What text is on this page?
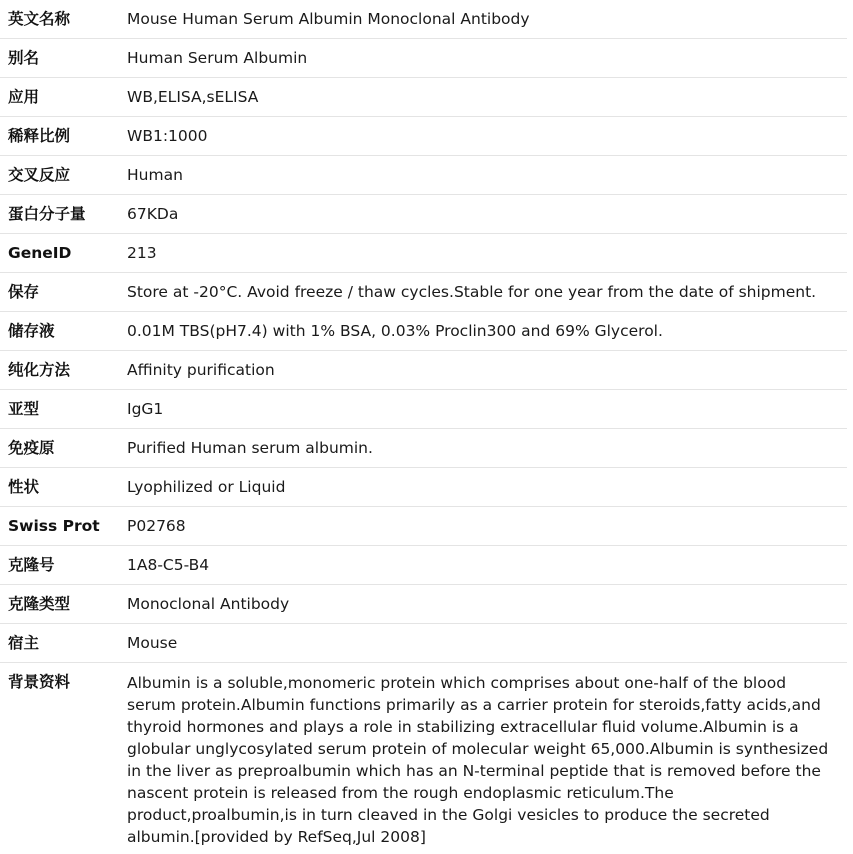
英文名称	Mouse Human Serum Albumin Monoclonal Antibody
别名	Human Serum Albumin
应用	WB,ELISA,sELISA
稀释比例	WB1:1000
交叉反应	Human
蛋白分子量	67KDa
GeneID	213
保存	Store at -20°C. Avoid freeze / thaw cycles.Stable for one year from the date of shipment.
储存液	0.01M TBS(pH7.4) with 1% BSA, 0.03% Proclin300 and 69% Glycerol.
纯化方法	Affinity purification
亚型	IgG1
免疫原	Purified Human serum albumin.
性状	Lyophilized or Liquid
Swiss Prot	P02768
克隆号	1A8-C5-B4
克隆类型	Monoclonal Antibody
宿主	Mouse
背景资料	Albumin is a soluble,monomeric protein which comprises about one-half of the blood serum protein.Albumin functions primarily as a carrier protein for steroids,fatty acids,and thyroid hormones and plays a role in stabilizing extracellular fluid volume.Albumin is a globular unglycosylated serum protein of molecular weight 65,000.Albumin is synthesized in the liver as preproalbumin which has an N-terminal peptide that is removed before the nascent protein is released from the rough endoplasmic reticulum.The product,proalbumin,is in turn cleaved in the Golgi vesicles to produce the secreted albumin.[provided by RefSeq,Jul 2008]
